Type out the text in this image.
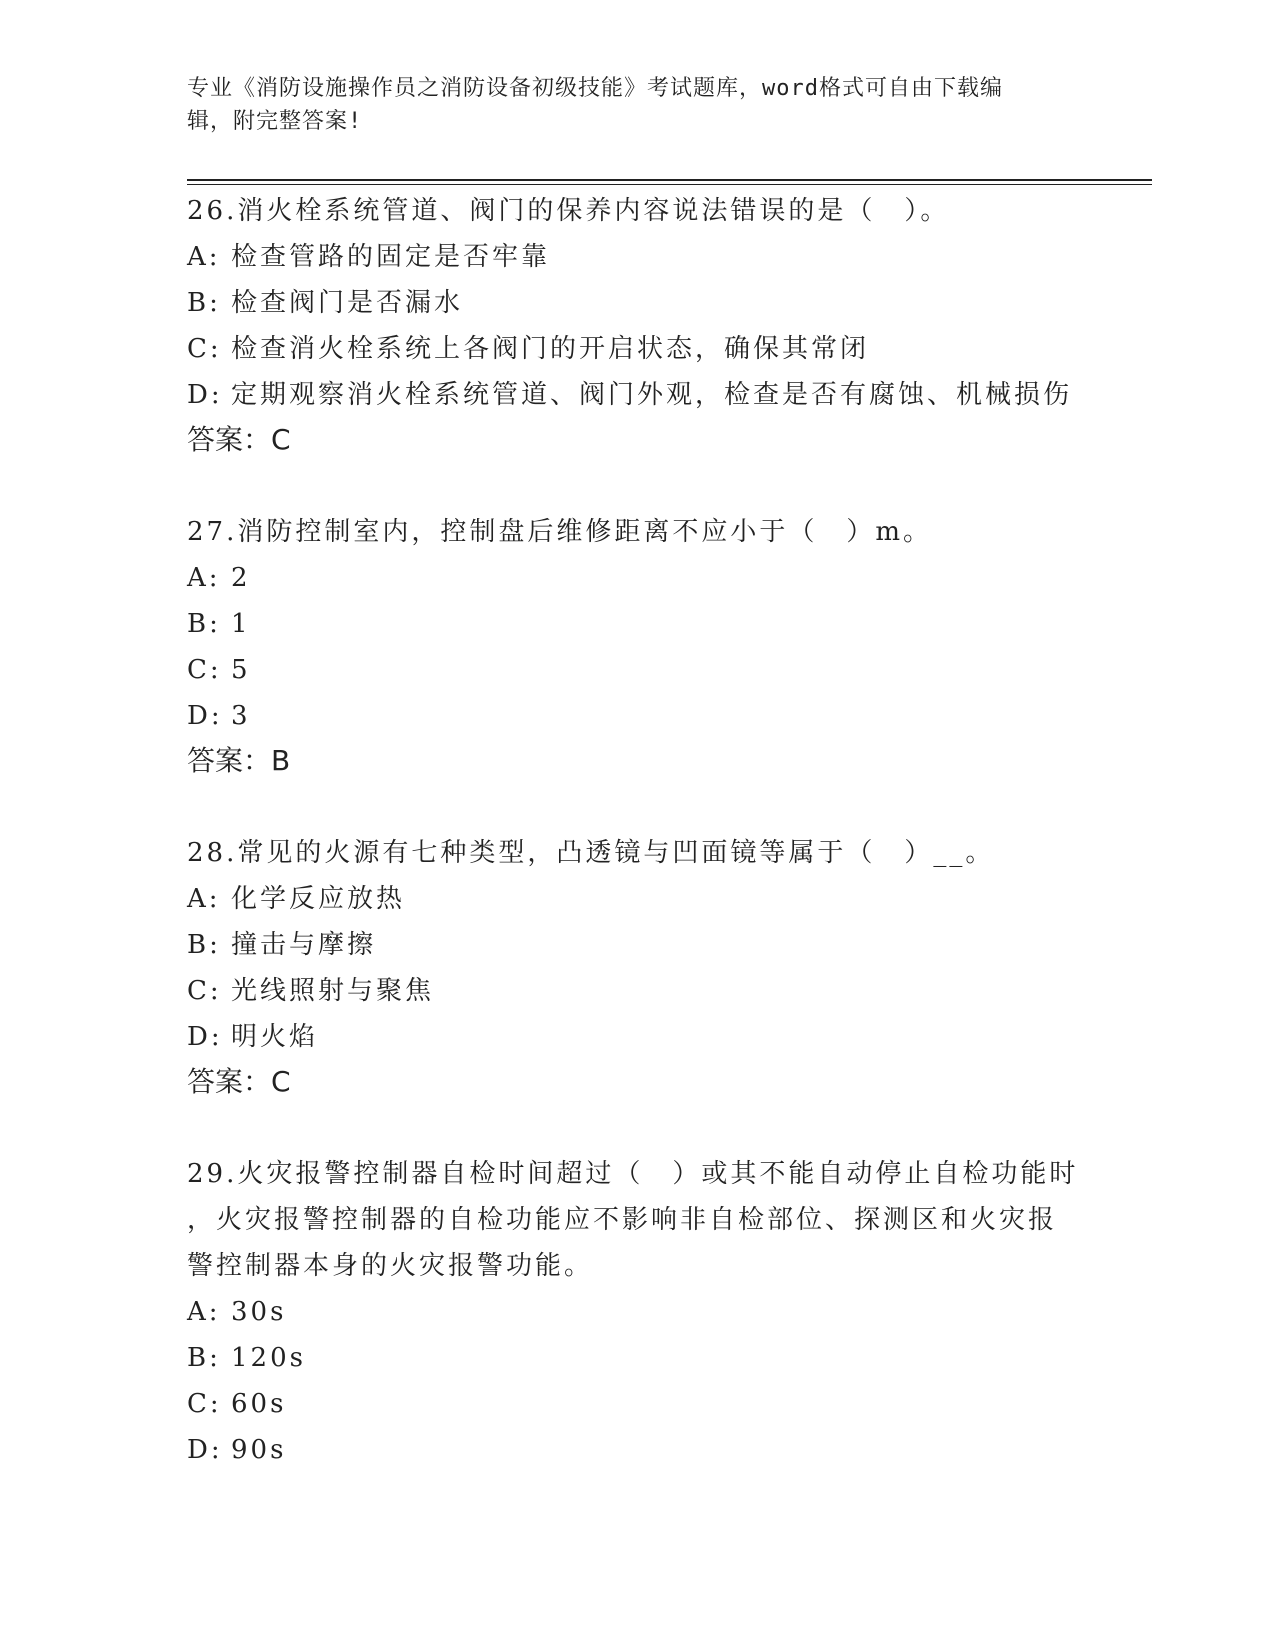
专业《消防设施操作员之消防设备初级技能》考试题库，word格式可自由下载编
辑，附完整答案!

26.消火栓系统管道、阀门的保养内容说法错误的是（　）。

A: 检查管路的固定是否牢靠

B: 检查阀门是否漏水

C: 检查消火栓系统上各阀门的开启状态，确保其常闭

D: 定期观察消火栓系统管道、阀门外观，检查是否有腐蚀、机械损伤

答案：C

27.消防控制室内，控制盘后维修距离不应小于（　）m。

A: 2

B: 1

C: 5

D: 3

答案：B

28.常见的火源有七种类型，凸透镜与凹面镜等属于（　）__。

A: 化学反应放热

B: 撞击与摩擦

C: 光线照射与聚焦

D: 明火焰

答案：C

29.火灾报警控制器自检时间超过（　）或其不能自动停止自检功能时

，火灾报警控制器的自检功能应不影响非自检部位、探测区和火灾报

警控制器本身的火灾报警功能。

A: 30s

B: 120s

C: 60s

D: 90s
